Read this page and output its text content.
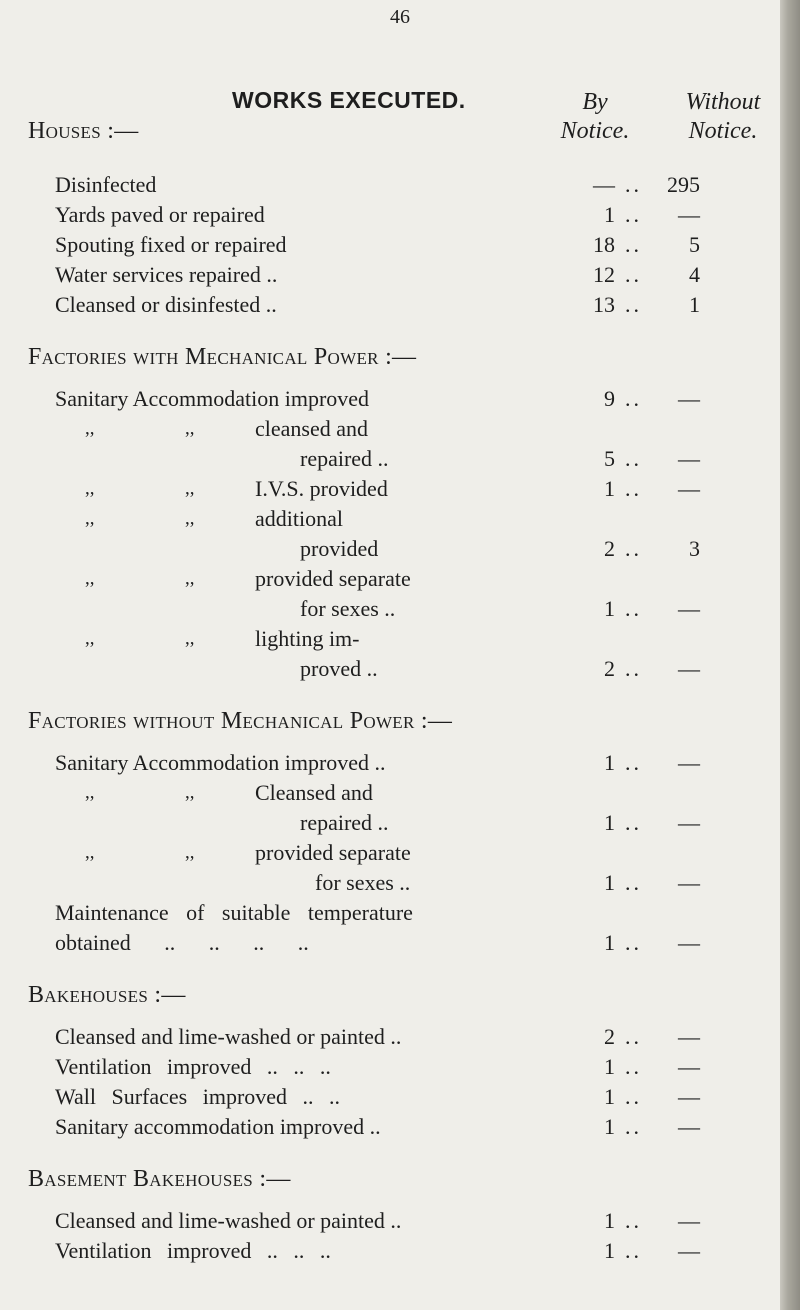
46
WORKS EXECUTED.	By
Notice.
Without
Notice.
Houses :—
Disinfected	—	295
..
Yards paved or repaired	1	—
..
Spouting fixed or repaired	18	5
..
Water services repaired ..	12	4
..
Cleansed or disinfested ..	13	1
..
Factories with Mechanical Power :—
Sanitary Accommodation improved	9	—
..
,,	,,	cleansed and
repaired ..	5	—
..
,,	,,	I.V.S. provided	1	—
..
,,	,,	additional
provided	2	3
..
,,	,,	provided separate
for sexes ..	1	—
..
,,	,,	lighting im-
proved ..	2	—
..
Factories without Mechanical Power :—
Sanitary Accommodation improved ..	1	—
..
,,	,,	Cleansed and
repaired ..	1	—
..
,,	,,	provided separate
for sexes ..	1	—
..
Maintenance of suitable temperature
obtained .. .. .. ..	1	—
..
Bakehouses :—
Cleansed and lime-washed or painted ..	2	—
..
Ventilation improved .. .. ..	1	—
..
Wall Surfaces improved .. ..	1	—
..
Sanitary accommodation improved ..	1	—
..
Basement Bakehouses :—
Cleansed and lime-washed or painted ..	1	—
..
Ventilation improved .. .. ..	1	—
..
